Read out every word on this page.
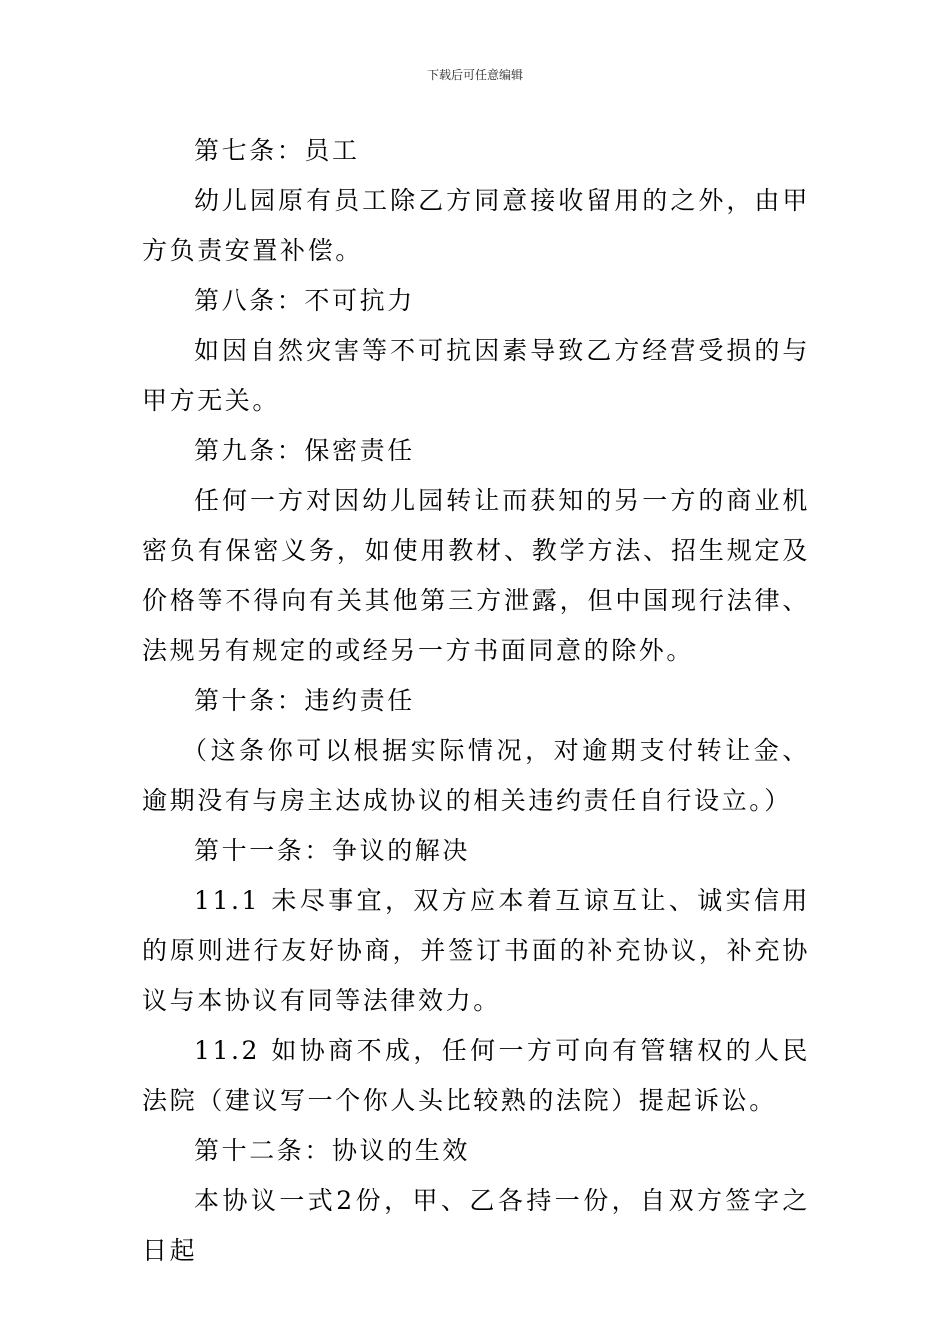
下载后可任意编辑

第七条：员工

幼儿园原有员工除乙方同意接收留用的之外，由甲方负责安置补偿。

第八条：不可抗力

如因自然灾害等不可抗因素导致乙方经营受损的与甲方无关。

第九条：保密责任

任何一方对因幼儿园转让而获知的另一方的商业机密负有保密义务，如使用教材、教学方法、招生规定及价格等不得向有关其他第三方泄露，但中国现行法律、法规另有规定的或经另一方书面同意的除外。

第十条：违约责任

（这条你可以根据实际情况，对逾期支付转让金、逾期没有与房主达成协议的相关违约责任自行设立。）

第十一条：争议的解决

11.1 未尽事宜，双方应本着互谅互让、诚实信用的原则进行友好协商，并签订书面的补充协议，补充协议与本协议有同等法律效力。

11.2 如协商不成，任何一方可向有管辖权的人民法院（建议写一个你人头比较熟的法院）提起诉讼。

第十二条：协议的生效

本协议一式2份，甲、乙各持一份，自双方签字之日起
